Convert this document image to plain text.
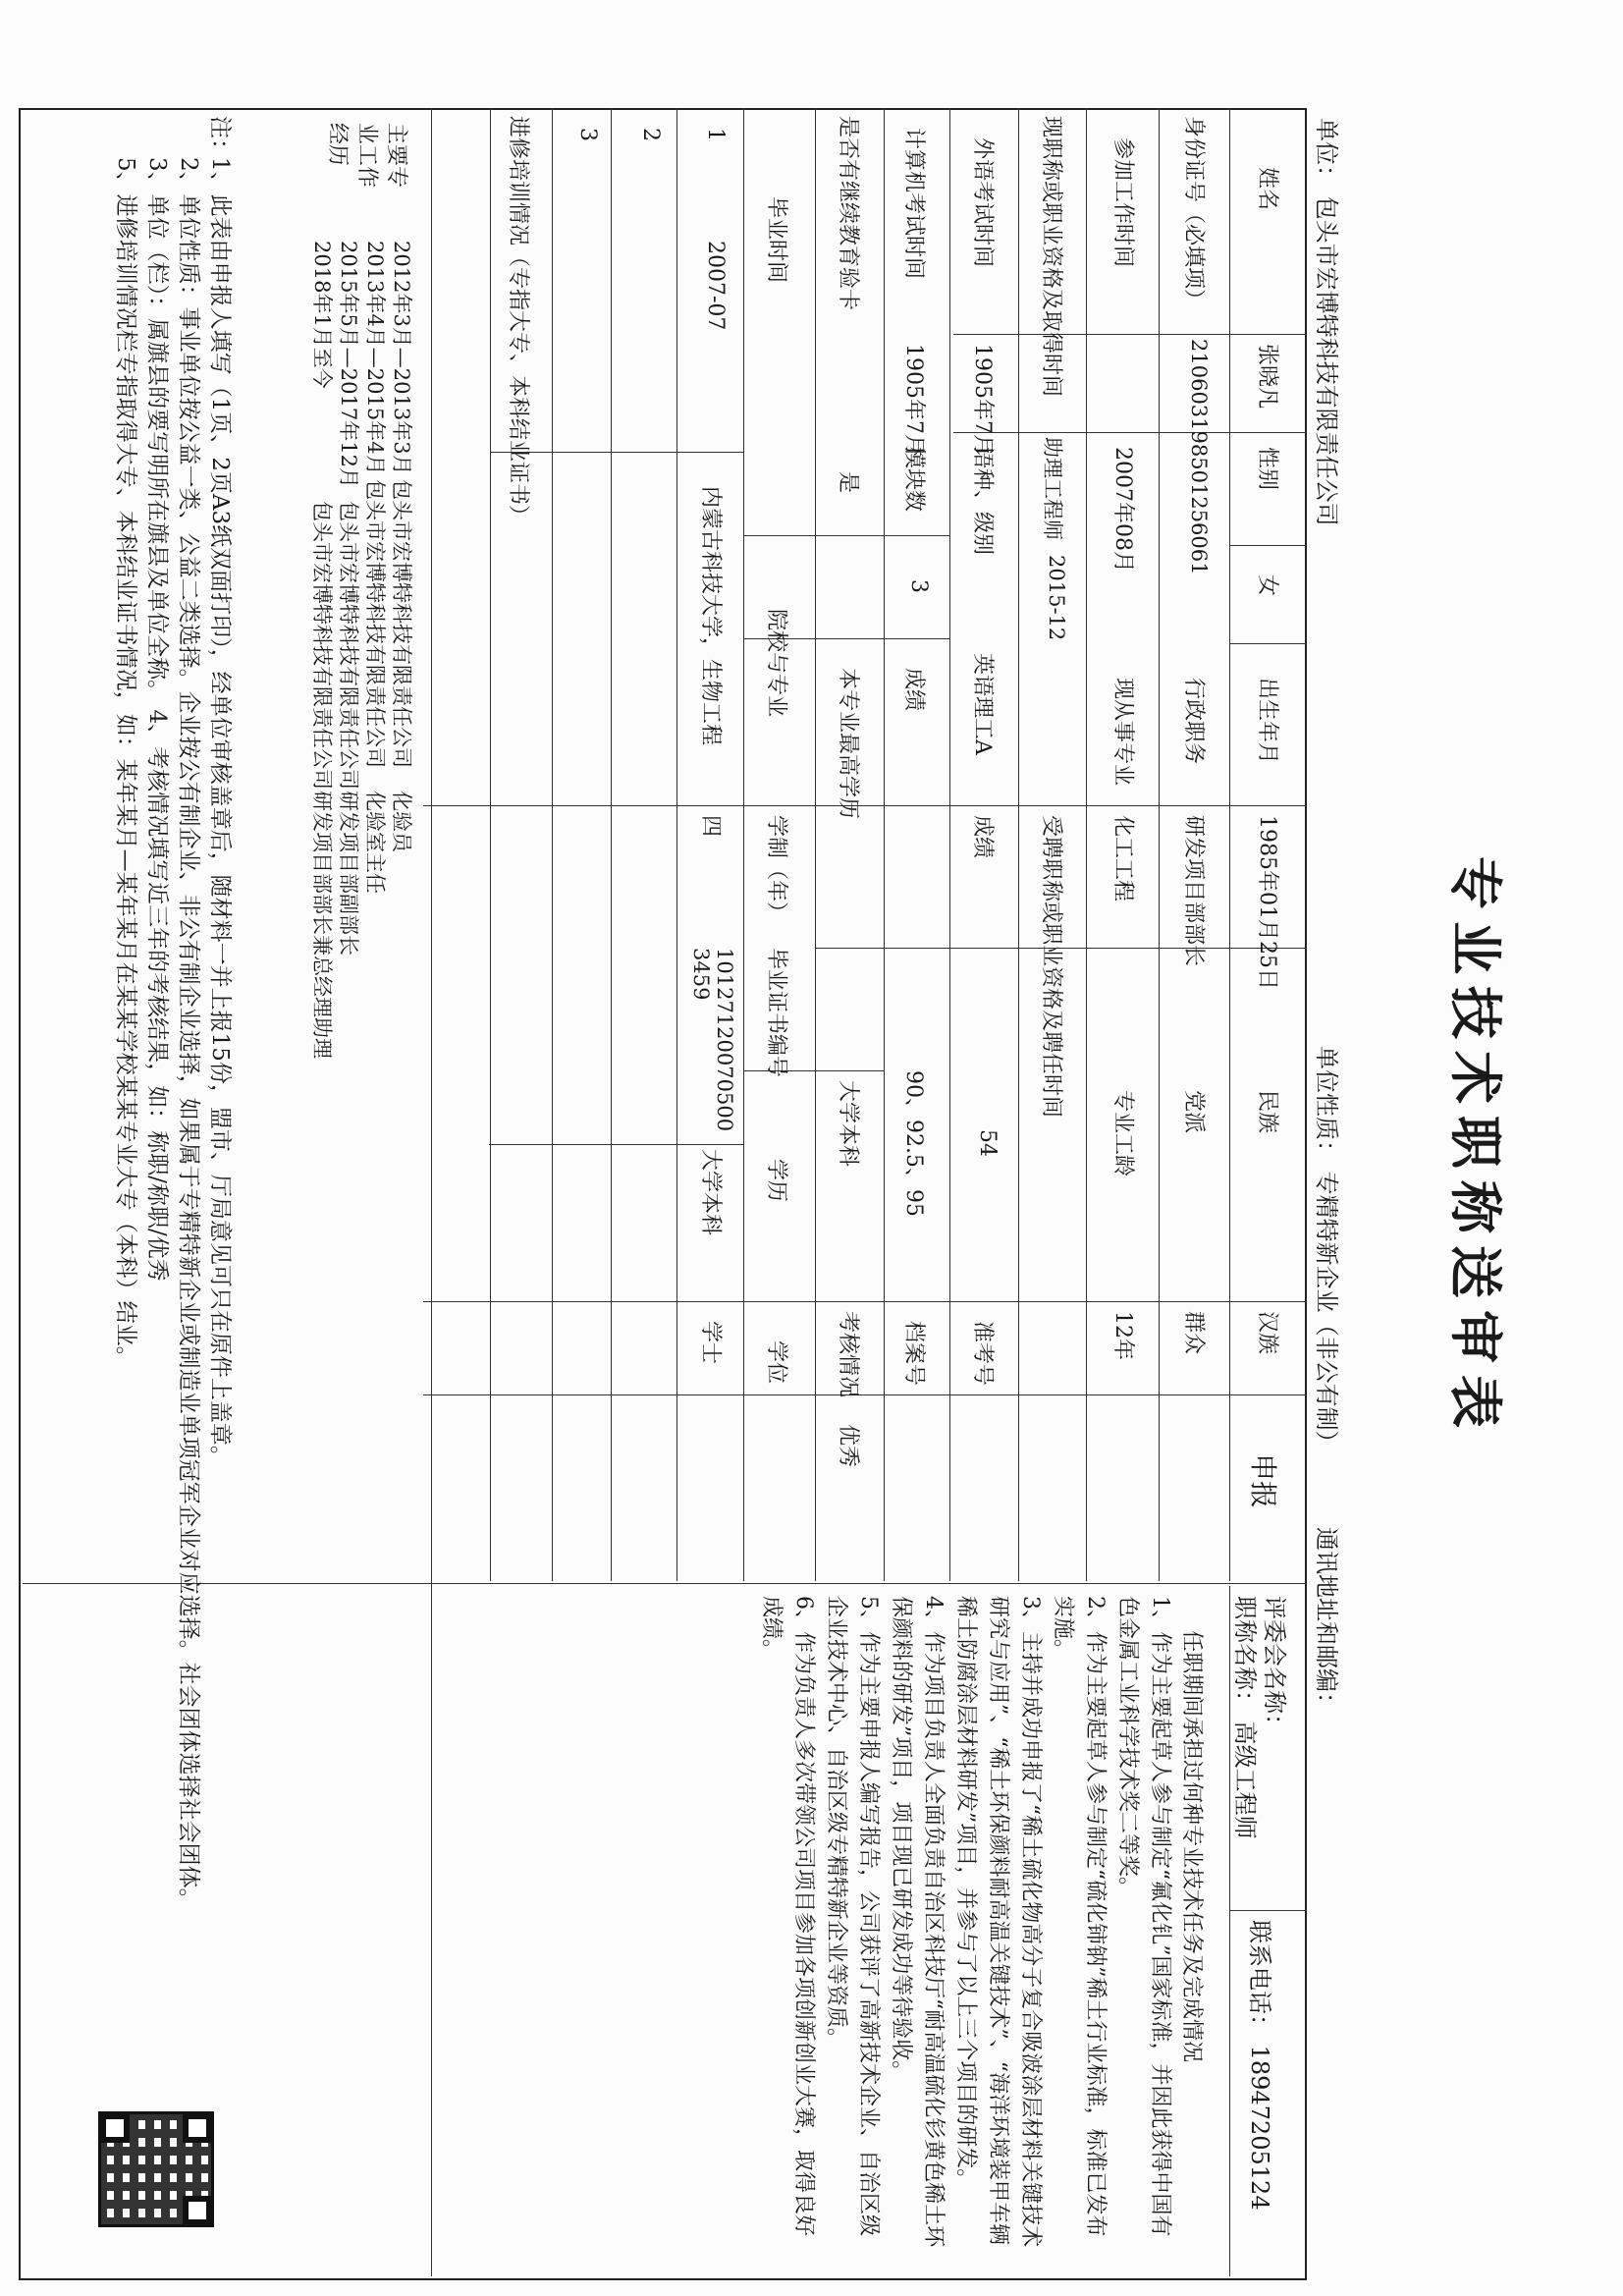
专业技术职称送审表
单位： 包头市宏博特科技有限责任公司
单位性质： 专精特新企业（非公有制）
通讯地址和邮编：
评委会名称：
职称名称： 高级工程师
联系电话： 18947205124
申报
姓名
张晓凡
性别
女
出生年月
1985年01月25日
民族
汉族
身份证号（必填项）
210603198501256061
行政职务
研发项目部部长
党派
群众
参加工作时间
2007年08月
现从事专业
化工工程
专业工龄
12年
现职称或职业资格及取得时间
助理工程师
2015-12
受聘职称或职业资格及聘任时间
外语考试时间
1905年7月
语种、级别
英语理工A
成绩
54
准考号
计算机考试时间
1905年7月
模块数
3
成绩
90、92.5、95
档案号
是否有继续教育验卡
是
本专业最高学历
大学本科
考核情况
优秀
毕业时间
院校与专业
学制（年）
毕业证书编号
学历
学位
1
2007-07
内蒙古科技大学，生物工程
四
10127120070500 3459
大学本科
学士
2
3
进修培训情况（专指大专、本科结业证书）
主要专业工作经历
2012年3月—2013年3月
包头市宏博特科技有限责任公司
化验员
2013年4月—2015年4月
包头市宏博特科技有限责任公司
化验室主任
2015年5月—2017年12月
包头市宏博特科技有限责任公司
研发项目部副部长
2018年1月至今
包头市宏博特科技有限责任公司
研发项目部部长兼总经理助理
任职期间承担过何种专业技术任务及完成情况
1、作为主要起草人参与制定“氟化钆”国家标准，并因此获得中国有色金属工业科学技术奖二等奖。
2、作为主要起草人参与制定“硫化铈钠”稀土行业标准，标准已发布实施。
3、主持并成功申报了“稀土硫化物高分子复合吸波涂层材料关键技术研究与应用”、“稀土环保颜料耐高温关键技术”、“海洋环境装甲车辆稀土防腐涂层材料研发”项目，并参与了以上三个项目的研发。
4、作为项目负责人全面负责自治区科技厅“耐高温硫化钐黄色稀土环保颜料的研发”项目，项目现已研发成功等待验收。
5、作为主要申报人编写报告，公司获评了高新技术企业、自治区级企业技术中心、自治区级专精特新企业等资质。
6、作为负责人多次带领公司项目参加各项创新创业大赛，取得良好成绩。
注：
1、此表由申报人填写（1页、2页A3纸双面打印），经单位审核盖章后，随材料一并上报15份，盟市、厅局意见可只在原件上盖章。
2、单位性质：事业单位按公益一类、公益二类选择。企业按公有制企业、非公有制企业选择，如果属于专精特新企业或制造业单项冠军企业对应选择。社会团体选择社会团体。
3、单位（栏）：属旗县的要写明所在旗县及单位全称。 4、考核情况填写近三年的考核结果，如：称职/称职/优秀
5、进修培训情况栏专指取得大专、本科结业证书情况，如：某年某月—某年某月在某某学校某某专业大专（本科）结业。
